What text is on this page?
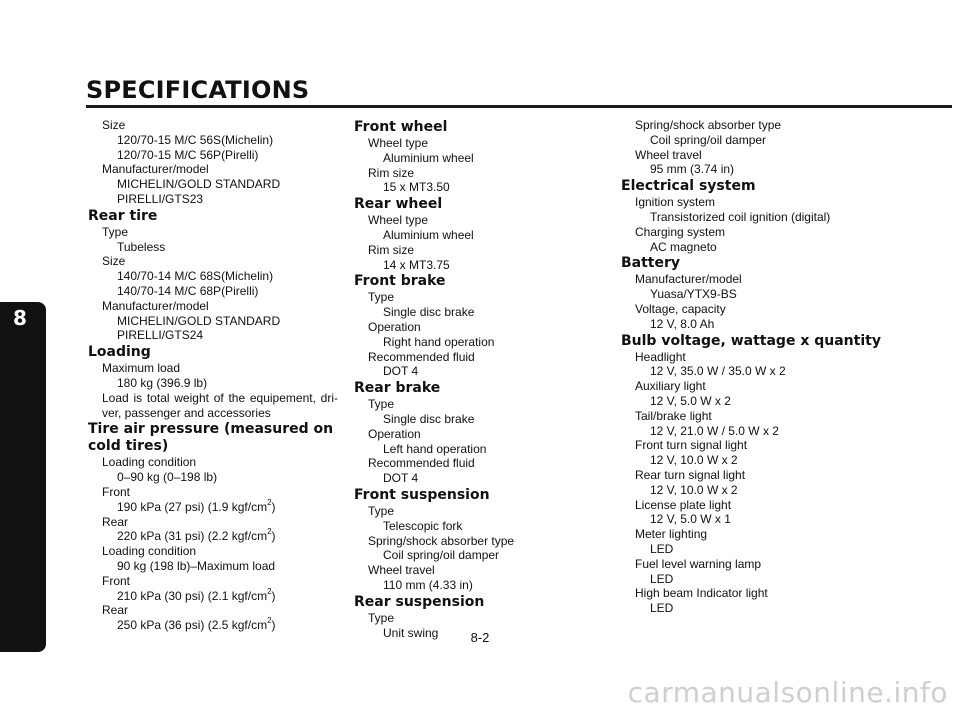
SPECIFICATIONS
8
Size
120/70-15 M/C 56S(Michelin)
120/70-15 M/C 56P(Pirelli)
Manufacturer/model
MICHELIN/GOLD STANDARD
PIRELLI/GTS23
Rear tire
Type
Tubeless
Size
140/70-14 M/C 68S(Michelin)
140/70-14 M/C 68P(Pirelli)
Manufacturer/model
MICHELIN/GOLD STANDARD
PIRELLI/GTS24
Loading
Maximum load
180 kg (396.9 lb)
Load is total weight of the equipement, dri-ver, passenger and accessories
Tire air pressure (measured on cold tires)
Loading condition
0–90 kg (0–198 lb)
Front
190 kPa (27 psi) (1.9 kgf/$cm^2$)
Rear
220 kPa (31 psi) (2.2 kgf/$cm^2$)
Loading condition
90 kg (198 lb)–Maximum load
Front
210 kPa (30 psi) (2.1 kgf/$cm^2$)
Rear
250 kPa (36 psi) (2.5 kgf/$cm^2$)
Front wheel
Wheel type
Aluminium wheel
Rim size
15 x MT3.50
Rear wheel
Wheel type
Aluminium wheel
Rim size
14 x MT3.75
Front brake
Type
Single disc brake
Operation
Right hand operation
Recommended fluid
DOT 4
Rear brake
Type
Single disc brake
Operation
Left hand operation
Recommended fluid
DOT 4
Front suspension
Type
Telescopic fork
Spring/shock absorber type
Coil spring/oil damper
Wheel travel
110 mm (4.33 in)
Rear suspension
Type
Unit swing
Spring/shock absorber type
Coil spring/oil damper
Wheel travel
95 mm (3.74 in)
Electrical system
Ignition system
Transistorized coil ignition (digital)
Charging system
AC magneto
Battery
Manufacturer/model
Yuasa/YTX9-BS
Voltage, capacity
12 V, 8.0 Ah
Bulb voltage, wattage x quantity
Headlight
12 V, 35.0 W / 35.0 W x 2
Auxiliary light
12 V, 5.0 W x 2
Tail/brake light
12 V, 21.0 W / 5.0 W x 2
Front turn signal light
12 V, 10.0 W x 2
Rear turn signal light
12 V, 10.0 W x 2
License plate light
12 V, 5.0 W x 1
Meter lighting
LED
Fuel level warning lamp
LED
High beam Indicator light
LED
8-2
carmanualsonline.info
